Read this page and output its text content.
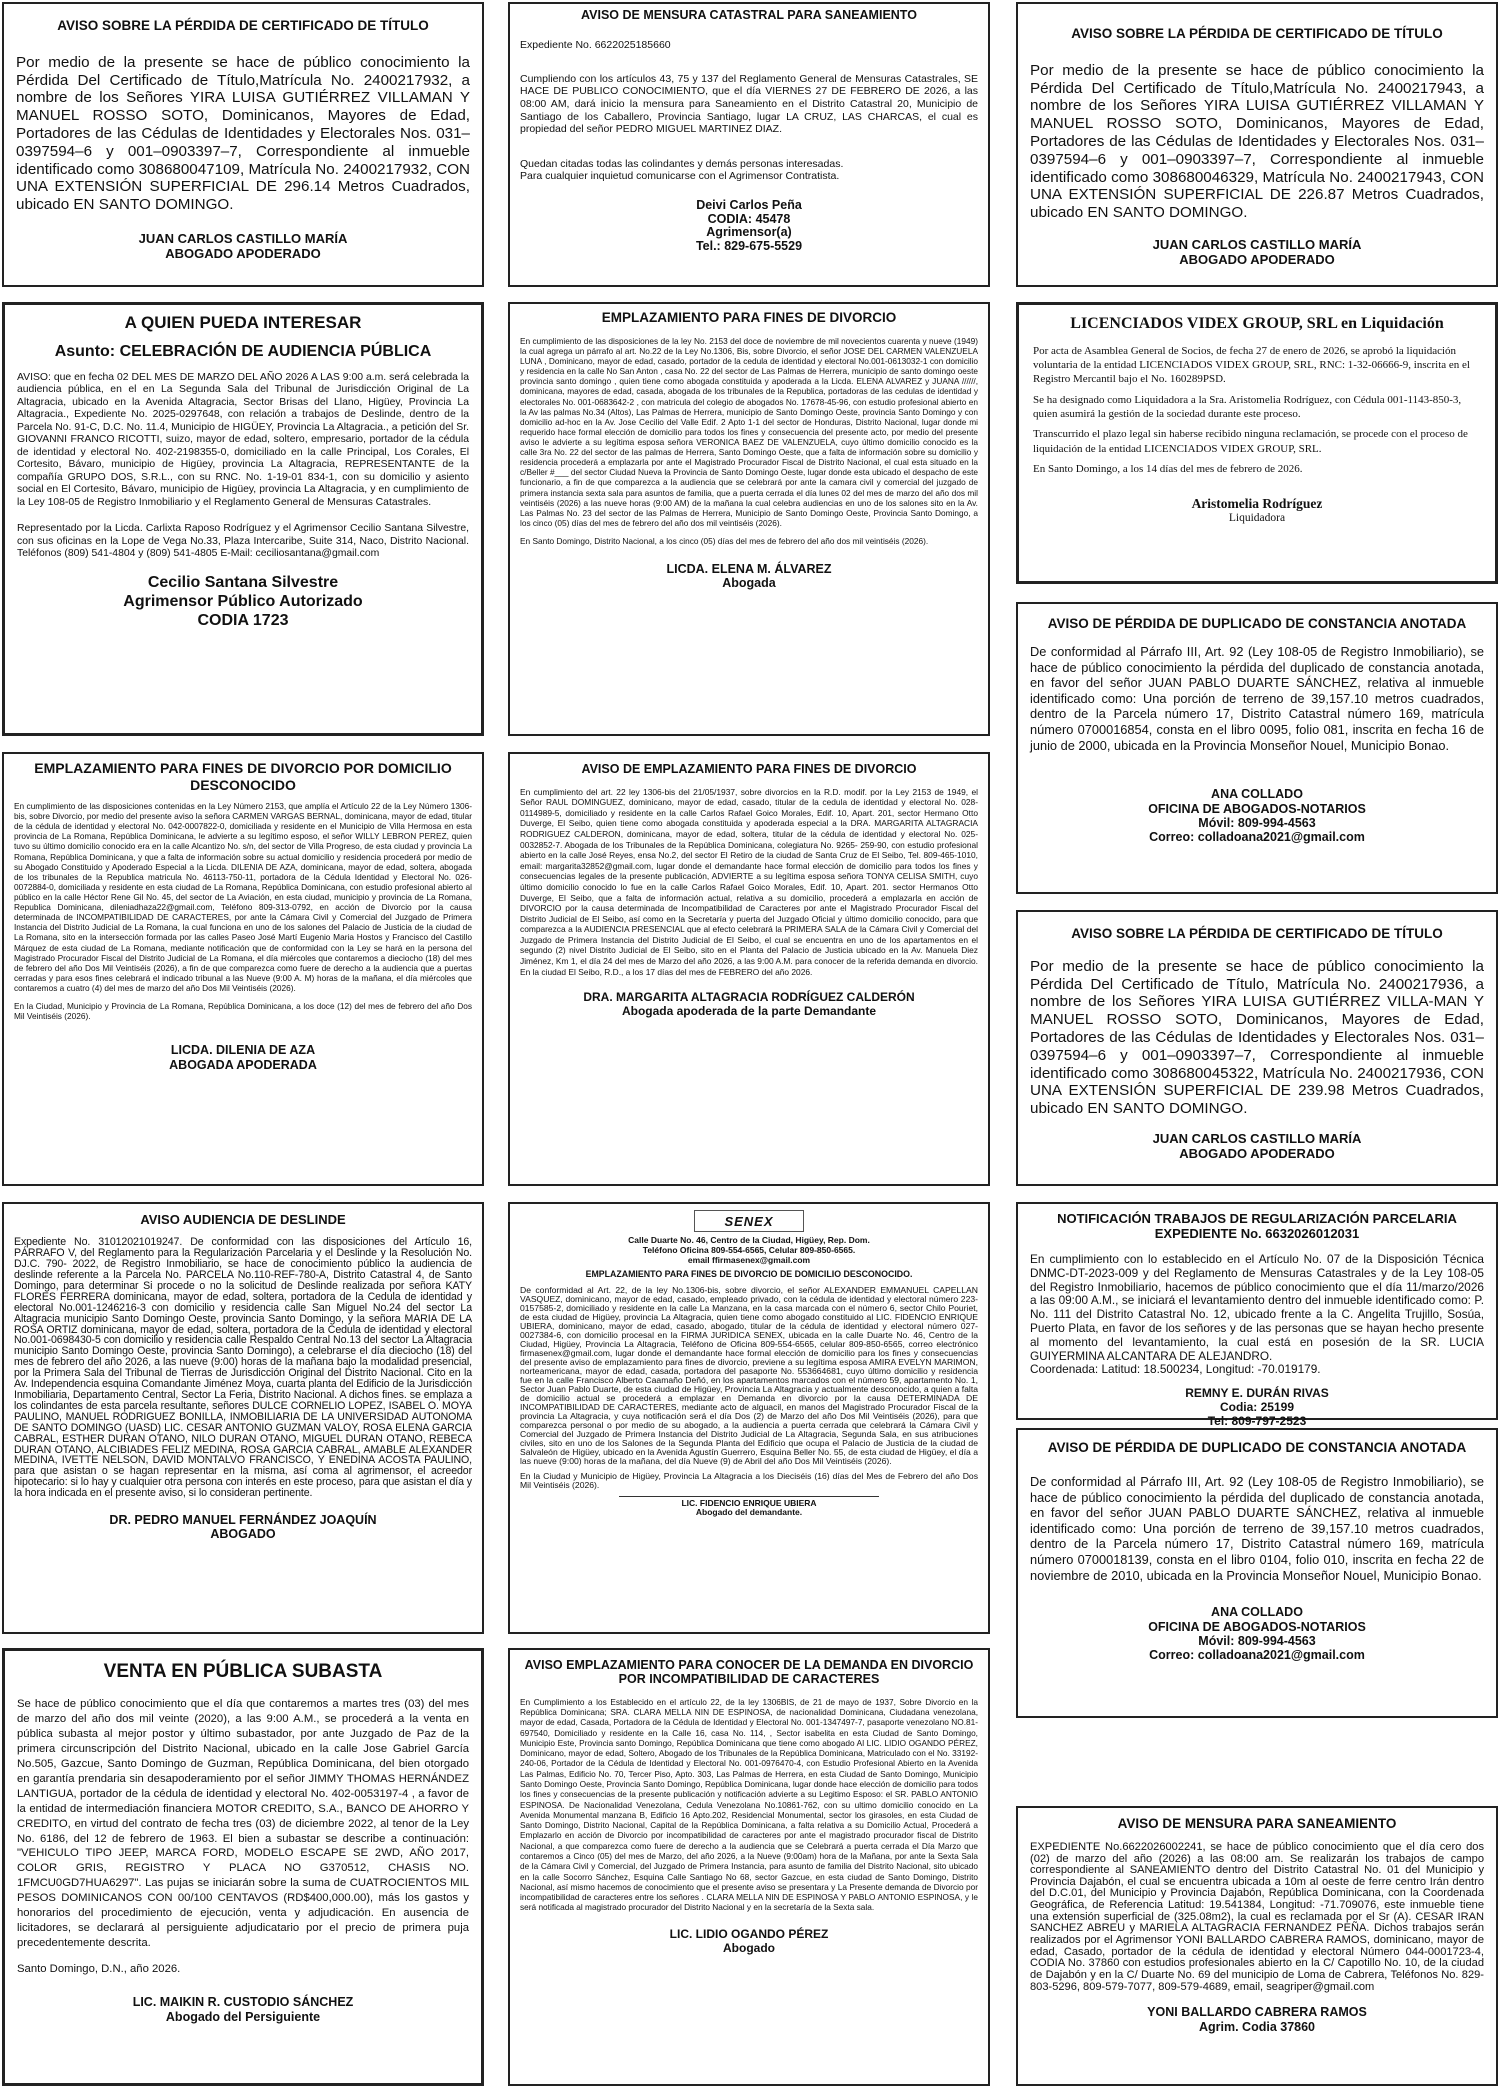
AVISO SOBRE LA PÉRDIDA DE CERTIFICADO DE TÍTULO
Por medio de la presente se hace de público conocimiento la Pérdida Del Certificado de Título,Matrícula No. 2400217932, a nombre de los Señores YIRA LUISA GUTIÉRREZ VILLAMAN Y MANUEL ROSSO SOTO, Dominicanos, Mayores de Edad, Portadores de las Cédulas de Identidades y Electorales Nos. 031–0397594–6 y 001–0903397–7, Correspondiente al inmueble identificado como 308680047109, Matrícula No. 2400217932, CON UNA EXTENSIÓN SUPERFICIAL DE 296.14 Metros Cuadrados, ubicado EN SANTO DOMINGO.
JUAN CARLOS CASTILLO MARÍA
ABOGADO APODERADO
AVISO DE MENSURA CATASTRAL PARA SANEAMIENTO
Expediente No. 6622025185660
Cumpliendo con los artículos 43, 75 y 137 del Reglamento General de Mensuras Catastrales, SE HACE DE PUBLICO CONOCIMIENTO, que el día VIERNES 27 DE FEBRERO DE 2026, a las 08:00 AM, dará inicio la mensura para Saneamiento en el Distrito Catastral 20, Municipio de Santiago de los Caballero, Provincia Santiago, lugar LA CRUZ, LAS CHARCAS, el cual es propiedad del señor PEDRO MIGUEL MARTINEZ DIAZ.
Quedan citadas todas las colindantes y demás personas interesadas.
Para cualquier inquietud comunicarse con el Agrimensor Contratista.
Deivi Carlos Peña
CODIA: 45478
Agrimensor(a)
Tel.: 829-675-5529
AVISO SOBRE LA PÉRDIDA DE CERTIFICADO DE TÍTULO
Por medio de la presente se hace de público conocimiento la Pérdida Del Certificado de Título,Matrícula No. 2400217943, a nombre de los Señores YIRA LUISA GUTIÉRREZ VILLAMAN Y MANUEL ROSSO SOTO, Dominicanos, Mayores de Edad, Portadores de las Cédulas de Identidades y Electorales Nos. 031–0397594–6 y 001–0903397–7, Correspondiente al inmueble identificado como 308680046329, Matrícula No. 2400217943, CON UNA EXTENSIÓN SUPERFICIAL DE 226.87 Metros Cuadrados, ubicado EN SANTO DOMINGO.
JUAN CARLOS CASTILLO MARÍA
ABOGADO APODERADO
A QUIEN PUEDA INTERESAR
Asunto: CELEBRACIÓN DE AUDIENCIA PÚBLICA
AVISO: que en fecha 02 DEL MES DE MARZO DEL AÑO 2026 A LAS 9:00 a.m. será celebrada la audiencia pública, en el en La Segunda Sala del Tribunal de Jurisdicción Original de La Altagracia, ubicado en la Avenida Altagracia, Sector Brisas del Llano, Higüey, Provincia La Altagracia., Expediente No. 2025-0297648, con relación a trabajos de Deslinde, dentro de la Parcela No. 91-C, D.C. No. 11.4, Municipio de HIGÜEY, Provincia La Altagracia., a petición del Sr. GIOVANNI FRANCO RICOTTI, suizo, mayor de edad, soltero, empresario, portador de la cédula de identidad y electoral No. 402-2198355-0, domiciliado en la calle Principal, Los Corales, El Cortesito, Bávaro, municipio de Higüey, provincia La Altagracia, REPRESENTANTE de la compañía GRUPO DOS, S.R.L., con su RNC. No. 1-19-01 834-1, con su domicilio y asiento social en El Cortesito, Bávaro, municipio de Higüey, provincia La Altagracia, y en cumplimiento de la Ley 108-05 de Registro Inmobiliario y el Reglamento General de Mensuras Catastrales.
Representado por la Licda. Carlixta Raposo Rodríguez y el Agrimensor Cecilio Santana Silvestre, con sus oficinas en la Lope de Vega No.33, Plaza Intercaribe, Suite 314, Naco, Distrito Nacional. Teléfonos (809) 541-4804 y (809) 541-4805 E-Mail: ceciliosantana@gmail.com
Cecilio Santana Silvestre
Agrimensor Público Autorizado
CODIA 1723
EMPLAZAMIENTO PARA FINES DE DIVORCIO
En cumplimiento de las disposiciones de la ley No. 2153 del doce de noviembre de mil novecientos cuarenta y nueve (1949) la cual agrega un párrafo al art. No.22 de la Ley No.1306, Bis, sobre Divorcio, el señor JOSE DEL CARMEN VALENZUELA LUNA , Dominicano, mayor de edad, casado, portador de la cedula de identidad y electoral No.001-0613032-1 con domicilio y residencia en la calle No San Anton , casa No. 22 del sector de Las Palmas de Herrera, municipio de santo domingo oeste provincia santo domingo , quien tiene como abogada constituida y apoderada a la Licda. ELENA ALVAREZ y JUANA //////, dominicana, mayores de edad, casada, abogada de los tribunales de la Republica, portadoras de las cedulas de identidad y electorales No. 001-0683642-2 , con matricula del colegio de abogados No. 17678-45-96, con estudio profesional abierto en la Av las palmas No.34 (Altos), Las Palmas de Herrera, municipio de Santo Domingo Oeste, provincia Santo Domingo y con domicilio ad-hoc en la Av. Jose Cecilio del Valle Edif. 2 Apto 1-1 del sector de Honduras, Distrito Nacional, lugar donde mi requerido hace formal elección de domicilio para todos los fines y consecuencia del presente acto, por medio del presente aviso le advierte a su legítima esposa señora VERONICA BAEZ DE VALENZUELA, cuyo último domicilio conocido es la calle 3ra No. 22 del sector de las palmas de Herrera, Santo Domingo Oeste, que a falta de información sobre su domicilio y residencia procederá a emplazarla por ante el Magistrado Procurador Fiscal de Distrito Nacional, el cual esta situado en la c/Beller #___ del sector Ciudad Nueva la Provincia de Santo Domingo Oeste, lugar donde esta ubicado el despacho de este funcionario, a fin de que comparezca a la audiencia que se celebrará por ante la camara civil y comercial del juzgado de primera instancia sexta sala para asuntos de familia, que a puerta cerrada el día lunes 02 del mes de marzo del año dos mil veintiséis (2026) a las nueve horas (9:00 AM) de la mañana la cual celebra audiencias en uno de los salones sito en la Av. Las Palmas No. 23 del sector de las Palmas de Herrera, Municipio de Santo Domingo Oeste, Provincia Santo Domingo, a los cinco (05) días del mes de febrero del año dos mil veintiséis (2026).
En Santo Domingo, Distrito Nacional, a los cinco (05) días del mes de febrero del año dos mil veintiséis (2026).
LICDA. ELENA M. ÁLVAREZ
Abogada
LICENCIADOS VIDEX GROUP, SRL en Liquidación
Por acta de Asamblea General de Socios, de fecha 27 de enero de 2026, se aprobó la liquidación voluntaria de la entidad LICENCIADOS VIDEX GROUP, SRL, RNC: 1-32-06666-9, inscrita en el Registro Mercantil bajo el No. 160289PSD.
Se ha designado como Liquidadora a la Sra. Aristomelia Rodríguez, con Cédula 001-1143-850-3, quien asumirá la gestión de la sociedad durante este proceso.
Transcurrido el plazo legal sin haberse recibido ninguna reclamación, se procede con el proceso de liquidación de la entidad LICENCIADOS VIDEX GROUP, SRL.
En Santo Domingo, a los 14 días del mes de febrero de 2026.
Aristomelia Rodríguez
Liquidadora
AVISO DE PÉRDIDA DE DUPLICADO DE CONSTANCIA ANOTADA
De conformidad al Párrafo III, Art. 92 (Ley 108-05 de Registro Inmobiliario), se hace de público conocimiento la pérdida del duplicado de constancia anotada, en favor del señor JUAN PABLO DUARTE SÁNCHEZ, relativa al inmueble identificado como: Una porción de terreno de 39,157.10 metros cuadrados, dentro de la Parcela número 17, Distrito Catastral número 169, matrícula número 0700016854, consta en el libro 0095, folio 081, inscrita en fecha 16 de junio de 2000, ubicada en la Provincia Monseñor Nouel, Municipio Bonao.
ANA COLLADO
OFICINA DE ABOGADOS-NOTARIOS
Móvil: 809-994-4563
Correo: colladoana2021@gmail.com
EMPLAZAMIENTO PARA FINES DE DIVORCIO POR DOMICILIO DESCONOCIDO
En cumplimiento de las disposiciones contenidas en la Ley Número 2153, que amplía el Artículo 22 de la Ley Número 1306-bis, sobre Divorcio, por medio del presente aviso la señora CARMEN VARGAS BERNAL, dominicana, mayor de edad, titular de la cédula de identidad y electoral No. 042-0007822-0, domiciliada y residente en el Municipio de Villa Hermosa en esta provincia de La Romana, República Dominicana, le advierte a su legítimo esposo, el señor WILLY LEBRON PEREZ, quien tuvo su último domicilio conocido era en la calle Alcantizo No. s/n, del sector de Villa Progreso, de esta ciudad y provincia La Romana, República Dominicana, y que a falta de información sobre su actual domicilio y residencia procederá por medio de su Abogado Constituido y Apoderado Especial a la Licda. DILENIA DE AZA, dominicana, mayor de edad, soltera, abogada de los tribunales de la Republica matricula No. 46113-750-11, portadora de la Cédula Identidad y Electoral No. 026-0072884-0, domiciliada y residente en esta ciudad de La Romana, República Dominicana, con estudio profesional abierto al público en la calle Héctor Rene Gil No. 45, del sector de La Aviación, en esta ciudad, municipio y provincia de La Romana, Republica Dominicana, dileniadhaza22@gmail.com, Teléfono 809-313-0792, en acción de Divorcio por la causa determinada de INCOMPATIBILIDAD DE CARACTERES, por ante la Cámara Civil y Comercial del Juzgado de Primera Instancia del Distrito Judicial de La Romana, la cual funciona en uno de los salones del Palacio de Justicia de la ciudad de La Romana, sito en la intersección formada por las calles Paseo José Martí Eugenio Maria Hostos y Francisco del Castillo Márquez de esta ciudad de La Romana, mediante notificación que de conformidad con la Ley se hará en la persona del Magistrado Procurador Fiscal del Distrito Judicial de La Romana, el día miércoles que contaremos a dieciocho (18) del mes de febrero del año Dos Mil Veintiséis (2026), a fin de que comparezca como fuere de derecho a la audiencia que a puertas cerradas y para esos fines celebrará el indicado tribunal a las Nueve (9:00 A. M) horas de la mañana, el día miércoles que contaremos a cuatro (4) del mes de marzo del año Dos Mil Veintiséis (2026).
En la Ciudad, Municipio y Provincia de La Romana, República Dominicana, a los doce (12) del mes de febrero del año Dos Mil Veintiséis (2026).
LICDA. DILENIA DE AZA
ABOGADA APODERADA
AVISO DE EMPLAZAMIENTO PARA FINES DE DIVORCIO
En cumplimiento del art. 22 ley 1306-bis del 21/05/1937, sobre divorcios en la R.D. modif. por la Ley 2153 de 1949, el Señor RAUL DOMINGUEZ, dominicano, mayor de edad, casado, titular de la cedula de identidad y electoral No. 028-0114989-5, domiciliado y residente en la calle Carlos Rafael Goico Morales, Edif. 10, Apart. 201, sector Hermano Otto Duverge, El Seibo, quien tiene como abogada constituida y apoderada especial a la DRA. MARGARITA ALTAGRACIA RODRIGUEZ CALDERON, dominicana, mayor de edad, soltera, titular de la cédula de identidad y electoral No. 025-0032852-7. Abogada de los Tribunales de la República Dominicana, colegiatura No. 9265- 259-90, con estudio profesional abierto en la calle José Reyes, ensa No.2, del sector El Retiro de la ciudad de Santa Cruz de El Seibo, Tel. 809-465-1010, email: margarita32852@gmail.com, lugar donde el demandante hace formal elección de domicilio para todos los fines y consecuencias legales de la presente publicación, ADVIERTE a su legítima esposa señora TONYA CELISA SMITH, cuyo último domicilio conocido lo fue en la calle Carlos Rafael Goico Morales, Edif. 10, Apart. 201. sector Hermanos Otto Duverge, El Seibo, que a falta de información actual, relativa a su domicilio, procederá a emplazarla en acción de DIVORCIO por la causa determinada de Incompatibilidad de Caracteres por ante el Magistrado Procurador Fiscal del Distrito Judicial de El Seibo, así como en la Secretaría y puerta del Juzgado Oficial y último domicilio conocido, para que comparezca a la AUDIENCIA PRESENCIAL que al efecto celebrará la PRIMERA SALA de la Cámara Civil y Comercial del Juzgado de Primera Instancia del Distrito Judicial de El Seibo, el cual se encuentra en uno de los apartamentos en el segundo (2) nivel Distrito Judicial de El Seibo, sito en el Planta del Palacio de Justicia ubicado en la Av. Manuela Diez Jiménez, Km 1, el día 24 del mes de Marzo del año 2026, a las 9:00 A.M. para conocer de la referida demanda en divorcio. En la ciudad El Seibo, R.D., a los 17 días del mes de FEBRERO del año 2026.
DRA. MARGARITA ALTAGRACIA RODRÍGUEZ CALDERÓN
Abogada apoderada de la parte Demandante
AVISO SOBRE LA PÉRDIDA DE CERTIFICADO DE TÍTULO
Por medio de la presente se hace de público conocimiento la Pérdida Del Certificado de Título, Matrícula No. 2400217936, a nombre de los Señores YIRA LUISA GUTIÉRREZ VILLA-MAN Y MANUEL ROSSO SOTO, Dominicanos, Mayores de Edad, Portadores de las Cédulas de Identidades y Electorales Nos. 031–0397594–6 y 001–0903397–7, Correspondiente al inmueble identificado como 308680045322, Matrícula No. 2400217936, CON UNA EXTENSIÓN SUPERFICIAL DE 239.98 Metros Cuadrados, ubicado EN SANTO DOMINGO.
JUAN CARLOS CASTILLO MARÍA
ABOGADO APODERADO
AVISO AUDIENCIA DE DESLINDE
Expediente No. 31012021019247. De conformidad con las disposiciones del Artículo 16, PÁRRAFO V, del Reglamento para la Regularización Parcelaria y el Deslinde y la Resolución No. DJ.C. 790- 2022, de Registro Inmobiliario, se hace de conocimiento público la audiencia de deslinde referente a la Parcela No. PARCELA No.110-REF-780-A, Distrito Catastral 4, de Santo Domingo, para determinar Si procede o no la solicitud de Deslinde realizada por señora KATY FLORES FERRERA dominicana, mayor de edad, soltera, portadora de la Cedula de identidad y electoral No.001-1246216-3 con domicilio y residencia calle San Miguel No.24 del sector La Altagracia municipio Santo Domingo Oeste, provincia Santo Domingo, y la señora MARIA DE LA ROSA ORTIZ dominicana, mayor de edad, soltera, portadora de la Cedula de identidad y electoral No.001-0698430-5 con domicilio y residencia calle Respaldo Central No.13 del sector La Altagracia municipio Santo Domingo Oeste, provincia Santo Domingo), a celebrarse el día dieciocho (18) del mes de febrero del año 2026, a las nueve (9:00) horas de la mañana bajo la modalidad presencial, por la Primera Sala del Tribunal de Tierras de Jurisdicción Original del Distrito Nacional. Cito en la Av. Independencia esquina Comandante Jiménez Moya, cuarta planta del Edificio de la Jurisdicción Inmobiliaria, Departamento Central, Sector La Feria, Distrito Nacional. A dichos fines. se emplaza a los colindantes de esta parcela resultante, señores DULCE CORNELIO LOPEZ, ISABEL O. MOYA PAULINO, MANUEL RODRIGUEZ BONILLA, INMOBILIARIA DE LA UNIVERSIDAD AUTONOMA DE SANTO DOMINGO (UASD) LIC. CESAR ANTONIO GUZMAN VALOY, ROSA ELENA GARCIA CABRAL, ESTHER DURAN OTANO, NILO DURAN OTANO, MIGUEL DURAN OTANO, REBECA DURAN OTANO, ALCIBIADES FELIZ MEDINA, ROSA GARCIA CABRAL, AMABLE ALEXANDER MEDINA, IVETTE NELSON, DAVID MONTALVO FRANCISCO, Y ENEDINA ACOSTA PAULINO, para que asistan o se hagan representar en la misma, así coma al agrimensor, el acreedor hipotecario: si lo hay y cualquier otra persona con interés en este proceso, para que asistan el día y la hora indicada en el presente aviso, si lo consideran pertinente.
DR. PEDRO MANUEL FERNÁNDEZ JOAQUÍN
ABOGADO
SENEX
Calle Duarte No. 46, Centro de la Ciudad, Higüey, Rep. Dom.
Teléfono Oficina 809-554-6565, Celular 809-850-6565.
email ffirmasenex@gmail.com
EMPLAZAMIENTO PARA FINES DE DIVORCIO DE DOMICILIO DESCONOCIDO.
De conformidad al Art. 22, de la ley No.1306-bis, sobre divorcio, el señor ALEXANDER EMMANUEL CAPELLAN VASQUEZ, dominicano, mayor de edad, casado, empleado privado, con la cédula de identidad y electoral número 223-0157585-2, domiciliado y residente en la calle La Manzana, en la casa marcada con el número 6, sector Chilo Pouriet, de esta ciudad de Higüey, provincia La Altagracia, quien tiene como abogado constituido al LIC. FIDENCIO ENRIQUE UBIERA, dominicano, mayor de edad, casado, abogado, titular de la cédula de identidad y electoral número 027-0027384-6, con domicilio procesal en la FIRMA JURIDICA SENEX, ubicada en la calle Duarte No. 46, Centro de la Ciudad, Higüey, Provincia La Altagracia, Teléfono de Oficina 809-554-6565, celular 809-850-6565, correo electrónico firmasenex@gmail.com, lugar donde el demandante hace formal elección de domicilio para los fines y consecuencias del presente aviso de emplazamiento para fines de divorcio, previene a su legítima esposa AMIRA EVELYN MARIMON, norteamericana, mayor de edad, casada, portadora del pasaporte No. 553664681, cuyo último domicilio y residencia fue en la calle Francisco Alberto Caamaño Deñó, en los apartamentos marcados con el número 59, apartamento No. 1, Sector Juan Pablo Duarte, de esta ciudad de Higüey, Provincia La Altagracia y actualmente desconocido, a quien a falta de domicilio actual se procederá a emplazar en Demanda en divorcio por la causa DETERMINADA DE INCOMPATIBILIDAD DE CARACTERES, mediante acto de alguacil, en manos del Magistrado Procurador Fiscal de la provincia La Altagracia, y cuya notificación será el día Dos (2) de Marzo del año Dos Mil Veintiséis (2026), para que comparezca personal o por medio de su abogado, a la audiencia a puerta cerrada que celebrará la Cámara Civil y Comercial del Juzgado de Primera Instancia del Distrito Judicial de La Altagracia, Segunda Sala, en sus atribuciones civiles, sito en uno de los Salones de la Segunda Planta del Edificio que ocupa el Palacio de Justicia de la ciudad de Salvaleón de Higüey, ubicado en la Avenida Agustín Guerrero, Esquina Beller No. 55, de esta ciudad de Higüey, el día a las nueve (9:00) horas de la mañana, del día Nueve (9) de Abril del año Dos Mil Veintiséis (2026).
En la Ciudad y Municipio de Higüey, Provincia La Altagracia a los Dieciséis (16) días del Mes de Febrero del año Dos Mil Veintiséis (2026).
LIC. FIDENCIO ENRIQUE UBIERA
Abogado del demandante.
NOTIFICACIÓN TRABAJOS DE REGULARIZACIÓN PARCELARIA
EXPEDIENTE No. 6632026012031
En cumplimiento con lo establecido en el Artículo No. 07 de la Disposición Técnica DNMC-DT-2023-009 y del Reglamento de Mensuras Catastrales y de la Ley 108-05 del Registro Inmobiliario, hacemos de público conocimiento que el día 11/marzo/2026 a las 09:00 A.M., se iniciará el levantamiento dentro del inmueble identificado como: P. No. 111 del Distrito Catastral No. 12, ubicado frente a la C. Angelita Trujillo, Sosúa, Puerto Plata, en favor de los señores y de las personas que se hayan hecho presente al momento del levantamiento, la cual está en posesión de la SR. LUCIA GUIYERMINA ALCANTARA DE ALEJANDRO.
Coordenada: Latitud: 18.500234, Longitud: -70.019179.
REMNY E. DURÁN RIVAS
Codia: 25199
Tel: 809-797-2523
AVISO DE PÉRDIDA DE DUPLICADO DE CONSTANCIA ANOTADA
De conformidad al Párrafo III, Art. 92 (Ley 108-05 de Registro Inmobiliario), se hace de público conocimiento la pérdida del duplicado de constancia anotada, en favor del señor JUAN PABLO DUARTE SÁNCHEZ, relativa al inmueble identificado como: Una porción de terreno de 39,157.10 metros cuadrados, dentro de la Parcela número 17, Distrito Catastral número 169, matrícula número 0700018139, consta en el libro 0104, folio 010, inscrita en fecha 22 de noviembre de 2010, ubicada en la Provincia Monseñor Nouel, Municipio Bonao.
ANA COLLADO
OFICINA DE ABOGADOS-NOTARIOS
Móvil: 809-994-4563
Correo: colladoana2021@gmail.com
VENTA EN PÚBLICA SUBASTA
Se hace de público conocimiento que el día que contaremos a martes tres (03) del mes de marzo del año dos mil veinte (2020), a las 9:00 A.M., se procederá a la venta en pública subasta al mejor postor y último subastador, por ante Juzgado de Paz de la primera circunscripción del Distrito Nacional, ubicado en la calle Jose Gabriel García No.505, Gazcue, Santo Domingo de Guzman, República Dominicana, del bien otorgado en garantía prendaria sin desapoderamiento por el señor JIMMY THOMAS HERNÁNDEZ LANTIGUA, portador de la cédula de identidad y electoral No. 402-0053197-4 , a favor de la entidad de intermediación financiera MOTOR CREDITO, S.A., BANCO DE AHORRO Y CREDITO, en virtud del contrato de fecha tres (03) de diciembre 2022, al tenor de la Ley No. 6186, del 12 de febrero de 1963. El bien a subastar se describe a continuación: "VEHICULO TIPO JEEP, MARCA FORD, MODELO ESCAPE SE 2WD, AÑO 2017, COLOR GRIS, REGISTRO Y PLACA NO G370512, CHASIS NO. 1FMCU0GD7HUA6297". Las pujas se iniciarán sobre la suma de CUATROCIENTOS MIL PESOS DOMINICANOS CON 00/100 CENTAVOS (RD$400,000.00), más los gastos y honorarios del procedimiento de ejecución, venta y adjudicación. En ausencia de licitadores, se declarará al persiguiente adjudicatario por el precio de primera puja precedentemente descrita.
Santo Domingo, D.N., año 2026.
LIC. MAIKIN R. CUSTODIO SÁNCHEZ
Abogado del Persiguiente
AVISO EMPLAZAMIENTO PARA CONOCER DE LA DEMANDA EN DIVORCIO POR INCOMPATIBILIDAD DE CARACTERES
En Cumplimiento a los Establecido en el artículo 22, de la ley 1306BIS, de 21 de mayo de 1937, Sobre Divorcio en la República Dominicana; SRA. CLARA MELLA NIN DE ESPINOSA, de nacionalidad Dominicana, Ciudadana venezolana, mayor de edad, Casada, Portadora de la Cédula de Identidad y Electoral No. 001-1347497-7, pasaporte venezolano NO.81-697540, Domiciliado y residente en la Calle 16, casa No. 114, , Sector isabelita en esta Ciudad de Santo Domingo, Municipio Este, Provincia santo Domingo, República Dominicana que tiene como abogado Al LIC. LIDIO OGANDO PÉREZ, Dominicano, mayor de edad, Soltero, Abogado de los Tribunales de la República Dominicana, Matriculado con el No. 33192-240-06, Portador de la Cédula de Identidad y Electoral No. 001-0976470-4, con Estudio Profesional Abierto en la Avenida Las Palmas, Edificio No. 70, Tercer Piso, Apto. 303, Las Palmas de Herrera, en esta Ciudad de Santo Domingo, Municipio Santo Domingo Oeste, Provincia Santo Domingo, República Dominicana, lugar donde hace elección de domicilio para todos los fines y consecuencias de la presente publicación y notificación advierte a su Legitimo Esposo: el SR. PABLO ANTONIO ESPINOSA. De Nacionalidad Venezolana, Cedula Venezolana No.10861-762, con su ultimo domicilio conocido en La Avenida Monumental manzana B, Edificio 16 Apto.202, Residencial Monumental, sector los girasoles, en esta Ciudad de Santo Domingo, Distrito Nacional, Capital de la República Dominicana, a falta relativa a su Domicilio Actual, Procederá a Emplazarlo en acción de Divorcio por incompatibilidad de caracteres por ante el magistrado procurador fiscal de Distrito Nacional, a que comparezca como fuere de derecho a la audiencia que se Celebrará a puerta cerrada el Día Marzo que contaremos a Cinco (05) del mes de Marzo, del año 2026, a la Nueve (9:00am) hora de la Mañana, por ante la Sexta Sala de la Cámara Civil y Comercial, del Juzgado de Primera Instancia, para asunto de familia del Distrito Nacional, sito ubicado en la calle Socorro Sánchez, Esquina Calle Santiago No 68, sector Gazcue, en esta ciudad de Santo Domingo, Distrito Nacional, así mismo hacemos de conocimiento que el presente aviso se presentara y La Presente demanda de Divorcio por incompatibilidad de caracteres entre los señores . CLARA MELLA NIN DE ESPINOSA Y PABLO ANTONIO ESPINOSA, y le será notificada al magistrado procurador del Distrito Nacional y en la secretaría de la Sexta sala.
LIC. LIDIO OGANDO PÉREZ
Abogado
AVISO DE MENSURA PARA SANEAMIENTO
EXPEDIENTE No.6622026002241, se hace de público conocimiento que el día cero dos (02) de marzo del año (2026) a las 08:00 am. Se realizarán los trabajos de campo correspondiente al SANEAMIENTO dentro del Distrito Catastral No. 01 del Municipio y Provincia Dajabón, el cual se encuentra ubicada a 10m al oeste de ferre centro Irán dentro del D.C.01, del Municipio y Provincia Dajabón, República Dominicana, con la Coordenada Geográfica, de Referencia Latitud: 19.541384, Longitud: -71.709076, este inmueble tiene una extensión superficial de (325.08m2), la cual es reclamada por el Sr (A). CESAR IRAN SANCHEZ ABREU y MARIELA ALTAGRACIA FERNANDEZ PEÑA. Dichos trabajos serán realizados por el Agrimensor YONI BALLARDO CABRERA RAMOS, dominicano, mayor de edad, Casado, portador de la cédula de identidad y electoral Número 044-0001723-4, CODIA No. 37860 con estudios profesionales abierto en la C/ Capotillo No. 10, de la ciudad de Dajabón y en la C/ Duarte No. 69 del municipio de Loma de Cabrera, Teléfonos No. 829-803-5296, 809-579-7077, 809-579-4689, email, seagriper@gmail.com
YONI BALLARDO CABRERA RAMOS
Agrim. Codia 37860
